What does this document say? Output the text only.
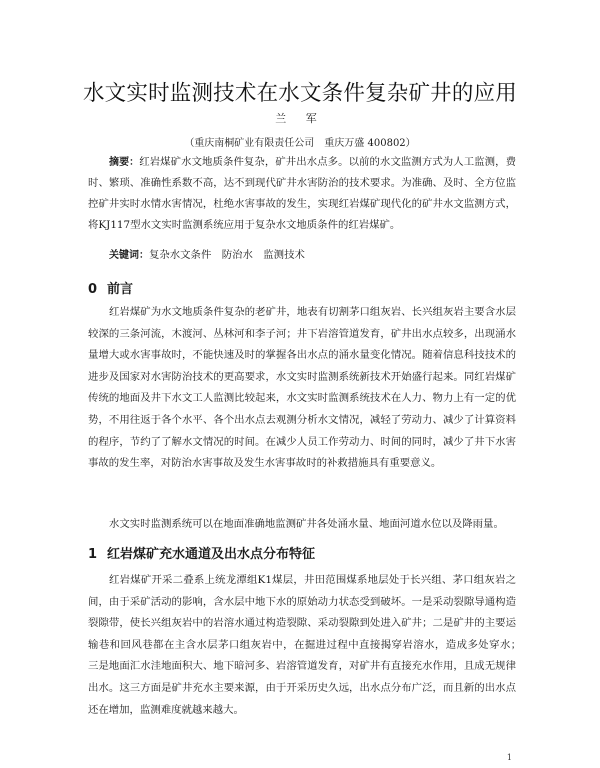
水文实时监测技术在水文条件复杂矿井的应用
兰 军
（重庆南桐矿业有限责任公司　重庆万盛 400802）
摘要：红岩煤矿水文地质条件复杂，矿井出水点多。以前的水文监测方式为人工监测，费时、繁琐、准确性系数不高，达不到现代矿井水害防治的技术要求。为准确、及时、全方位监控矿井实时水情水害情况，杜绝水害事故的发生，实现红岩煤矿现代化的矿井水文监测方式，将KJ117型水文实时监测系统应用于复杂水文地质条件的红岩煤矿。
关键词：复杂水文条件　防治水　监测技术
0 前言
红岩煤矿为水文地质条件复杂的老矿井，地表有切割茅口组灰岩、长兴组灰岩主要含水层较深的三条河流，木渡河、丛林河和李子河；井下岩溶管道发育，矿井出水点较多，出现涌水量增大或水害事故时，不能快速及时的掌握各出水点的涌水量变化情况。随着信息科技技术的进步及国家对水害防治技术的更高要求，水文实时监测系统新技术开始盛行起来。同红岩煤矿传统的地面及井下水文工人监测比较起来，水文实时监测系统技术在人力、物力上有一定的优势，不用往返于各个水平、各个出水点去观测分析水文情况，减轻了劳动力、减少了计算资料的程序，节约了了解水文情况的时间。在减少人员工作劳动力、时间的同时，减少了井下水害事故的发生率，对防治水害事故及发生水害事故时的补救措施具有重要意义。
水文实时监测系统可以在地面准确地监测矿井各处涌水量、地面河道水位以及降雨量。
1 红岩煤矿充水通道及出水点分布特征
红岩煤矿开采二叠系上统龙潭组K1煤层，井田范围煤系地层处于长兴组、茅口组灰岩之间，由于采矿活动的影响，含水层中地下水的原始动力状态受到破坏。一是采动裂隙导通构造裂隙带，使长兴组灰岩中的岩溶水通过构造裂隙、采动裂隙到处进入矿井；二是矿井的主要运输巷和回风巷都在主含水层茅口组灰岩中，在掘进过程中直接揭穿岩溶水，造成多处穿水；　三是地面汇水洼地面积大、地下暗河多、岩溶管道发育，对矿井有直接充水作用，且成无规律出水。这三方面是矿井充水主要来源，由于开采历史久远，出水点分布广泛，而且新的出水点还在增加，监测难度就越来越大。
1
